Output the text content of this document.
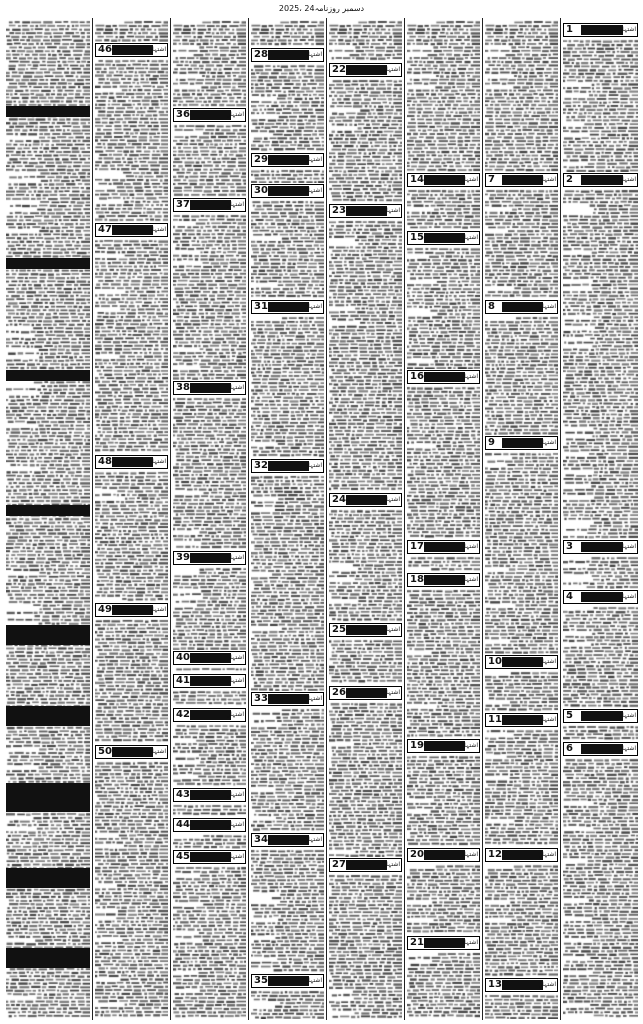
2025، 24دسمبر روزنامہ
46	اشتہار
47	اشتہار
48	اشتہار
49	اشتہار
50	اشتہار
36	اشتہار
37	اشتہار
38	اشتہار
39	اشتہار
40	اشتہار
41	اشتہار
42	اشتہار
43	اشتہار
44	اشتہار
45	اشتہار
28	اشتہار
29	اشتہار
30	اشتہار
31	اشتہار
32	اشتہار
33	اشتہار
34	اشتہار
35	اشتہار
22	اشتہار
23	اشتہار
24	اشتہار
25	اشتہار
26	اشتہار
27	اشتہار
14	اشتہار
15	اشتہار
16	اشتہار
17	اشتہار
18	اشتہار
19	اشتہار
20	اشتہار
21	اشتہار
7	اشتہار
8	اشتہار
9	اشتہار
10	اشتہار
11	اشتہار
12	اشتہار
13	اشتہار
1	اشتہار
2	اشتہار
3	اشتہار
4	اشتہار
5	اشتہار
6	اشتہار
